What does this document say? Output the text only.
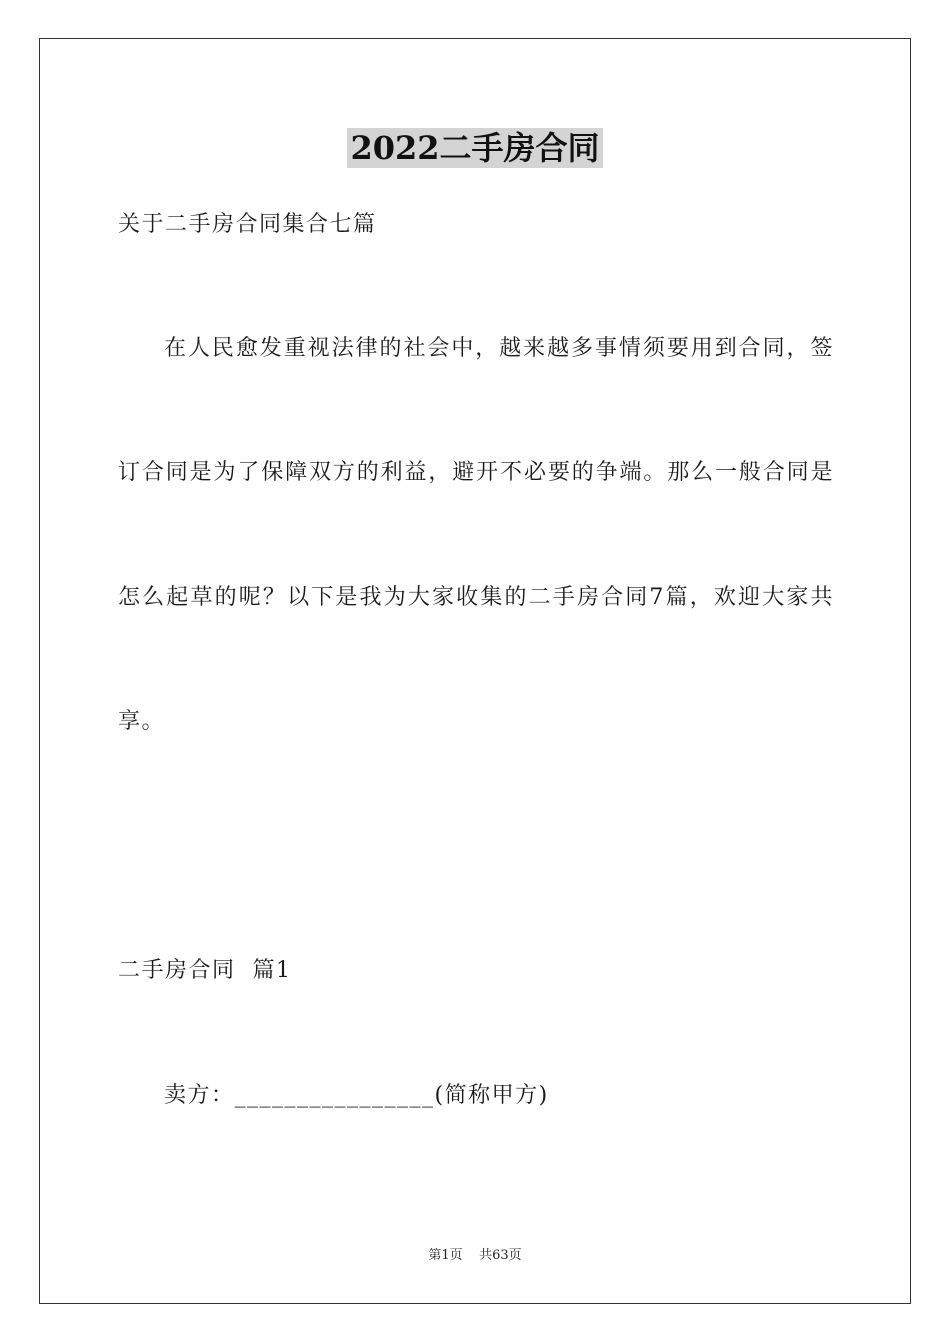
2022二手房合同
关于二手房合同集合七篇
在人民愈发重视法律的社会中，越来越多事情须要用到合同，签
订合同是为了保障双方的利益，避开不必要的争端。那么一般合同是
怎么起草的呢？以下是我为大家收集的二手房合同7篇，欢迎大家共
享。
二手房合同  篇1
卖方：________________(简称甲方)
第1页 共63页
